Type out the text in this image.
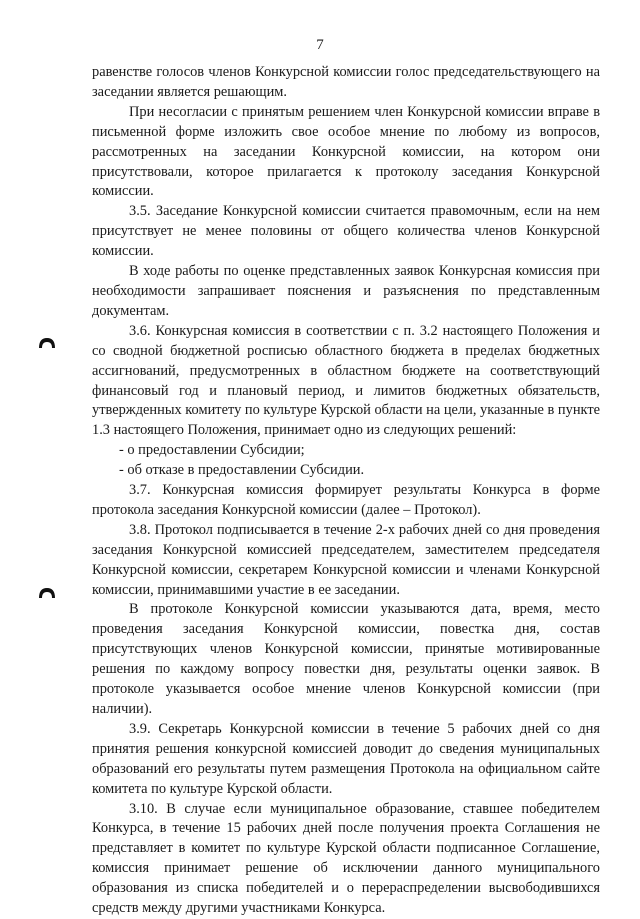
7

равенстве голосов членов Конкурсной комиссии голос председательствующего на заседании является решающим.

При несогласии с принятым решением член Конкурсной комиссии вправе в письменной форме изложить свое особое мнение по любому из вопросов, рассмотренных на заседании Конкурсной комиссии, на котором они присутствовали, которое прилагается к протоколу заседания Конкурсной комиссии.

3.5. Заседание Конкурсной комиссии считается правомочным, если на нем присутствует не менее половины от общего количества членов Конкурсной комиссии.

В ходе работы по оценке представленных заявок Конкурсная комиссия при необходимости запрашивает пояснения и разъяснения по представленным документам.

3.6. Конкурсная комиссия в соответствии с п. 3.2 настоящего Положения и со сводной бюджетной росписью областного бюджета в пределах бюджетных ассигнований, предусмотренных в областном бюджете на соответствующий финансовый год и плановый период, и лимитов бюджетных обязательств, утвержденных комитету по культуре Курской области на цели, указанные в пункте 1.3 настоящего Положения, принимает одно из следующих решений:

- о предоставлении Субсидии;

- об отказе в предоставлении Субсидии.

3.7. Конкурсная комиссия формирует результаты Конкурса в форме протокола заседания Конкурсной комиссии (далее – Протокол).

3.8. Протокол подписывается в течение 2-х рабочих дней со дня проведения заседания Конкурсной комиссией председателем, заместителем председателя Конкурсной комиссии, секретарем Конкурсной комиссии и членами Конкурсной комиссии, принимавшими участие в ее заседании.

В протоколе Конкурсной комиссии указываются дата, время, место проведения заседания Конкурсной комиссии, повестка дня, состав присутствующих членов Конкурсной комиссии, принятые мотивированные решения по каждому вопросу повестки дня, результаты оценки заявок. В протоколе указывается особое мнение членов Конкурсной комиссии (при наличии).

3.9. Секретарь Конкурсной комиссии в течение 5 рабочих дней со дня принятия решения конкурсной комиссией доводит до сведения муниципальных образований его результаты путем размещения Протокола на официальном сайте комитета по культуре Курской области.

3.10. В случае если муниципальное образование, ставшее победителем Конкурса, в течение 15 рабочих дней после получения проекта Соглашения не представляет в комитет по культуре Курской области подписанное Соглашение, комиссия принимает решение об исключении данного муниципального образования из списка победителей и о перераспределении высвободившихся средств между другими участниками Конкурса.
